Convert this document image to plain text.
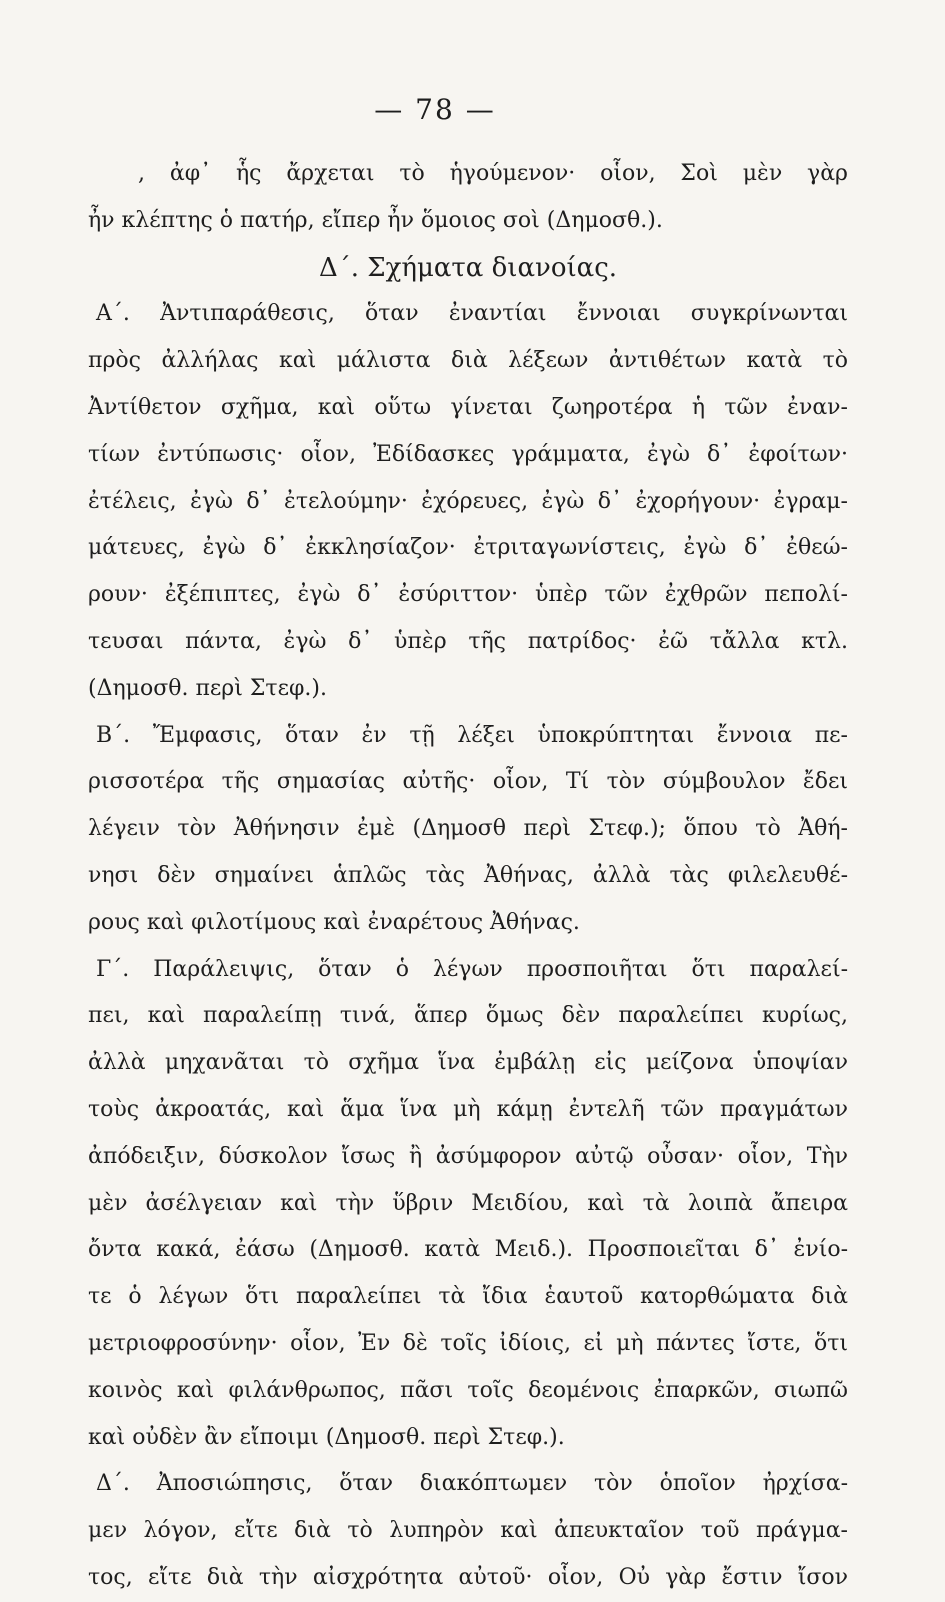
— 78 —
, ἀφ᾽ ἧς ἄρχεται τὸ ἡγούμενον· οἷον, Σοὶ μὲν γὰρ
ἦν κλέπτης ὁ πατήρ, εἴπερ ἦν ὅμοιος σοὶ (Δημοσθ.).
Δ΄. Σχήματα διανοίας.
Α΄. Ἀντιπαράθεσις, ὅταν ἐναντίαι ἔννοιαι συγκρίνωνται
πρὸς ἀλλήλας καὶ μάλιστα διὰ λέξεων ἀντιθέτων κατὰ τὸ
Ἀντίθετον σχῆμα, καὶ οὕτω γίνεται ζωηροτέρα ἡ τῶν ἐναν-
τίων ἐντύπωσις· οἷον, Ἐδίδασκες γράμματα, ἐγὼ δ᾽ ἐφοίτων·
ἐτέλεις, ἐγὼ δ᾽ ἐτελούμην· ἐχόρευες, ἐγὼ δ᾽ ἐχορήγουν· ἐγραμ-
μάτευες, ἐγὼ δ᾽ ἐκκλησίαζον· ἐτριταγωνίστεις, ἐγὼ δ᾽ ἐθεώ-
ρουν· ἐξέπιπτες, ἐγὼ δ᾽ ἐσύριττον· ὑπὲρ τῶν ἐχθρῶν πεπολί-
τευσαι πάντα, ἐγὼ δ᾽ ὑπὲρ τῆς πατρίδος· ἐῶ τἄλλα κτλ.
(Δημοσθ. περὶ Στεφ.).
Β΄. Ἔμφασις, ὅταν ἐν τῇ λέξει ὑποκρύπτηται ἔννοια πε-
ρισσοτέρα τῆς σημασίας αὐτῆς· οἷον, Τί τὸν σύμβουλον ἔδει
λέγειν τὸν Ἀθήνησιν ἐμὲ (Δημοσθ περὶ Στεφ.); ὅπου τὸ Ἀθή-
νησι δὲν σημαίνει ἁπλῶς τὰς Ἀθήνας, ἀλλὰ τὰς φιλελευθέ-
ρους καὶ φιλοτίμους καὶ ἐναρέτους Ἀθήνας.
Γ΄. Παράλειψις, ὅταν ὁ λέγων προσποιῆται ὅτι παραλεί-
πει, καὶ παραλείπῃ τινά, ἅπερ ὅμως δὲν παραλείπει κυρίως,
ἀλλὰ μηχανᾶται τὸ σχῆμα ἵνα ἐμβάλῃ εἰς μείζονα ὑποψίαν
τοὺς ἀκροατάς, καὶ ἅμα ἵνα μὴ κάμῃ ἐντελῆ τῶν πραγμάτων
ἀπόδειξιν, δύσκολον ἴσως ἢ ἀσύμφορον αὐτῷ οὖσαν· οἷον, Τὴν
μὲν ἀσέλγειαν καὶ τὴν ὕβριν Μειδίου, καὶ τὰ λοιπὰ ἄπειρα
ὄντα κακά, ἐάσω (Δημοσθ. κατὰ Μειδ.). Προσποιεῖται δ᾽ ἐνίο-
τε ὁ λέγων ὅτι παραλείπει τὰ ἴδια ἑαυτοῦ κατορθώματα διὰ
μετριοφροσύνην· οἷον, Ἐν δὲ τοῖς ἰδίοις, εἰ μὴ πάντες ἴστε, ὅτι
κοινὸς καὶ φιλάνθρωπος, πᾶσι τοῖς δεομένοις ἐπαρκῶν, σιωπῶ
καὶ οὐδὲν ἂν εἴποιμι (Δημοσθ. περὶ Στεφ.).
Δ΄. Ἀποσιώπησις, ὅταν διακόπτωμεν τὸν ὁποῖον ἠρχίσα-
μεν λόγον, εἴτε διὰ τὸ λυπηρὸν καὶ ἀπευκταῖον τοῦ πράγμα-
τος, εἴτε διὰ τὴν αἰσχρότητα αὐτοῦ· οἷον, Οὐ γὰρ ἔστιν ἴσον
